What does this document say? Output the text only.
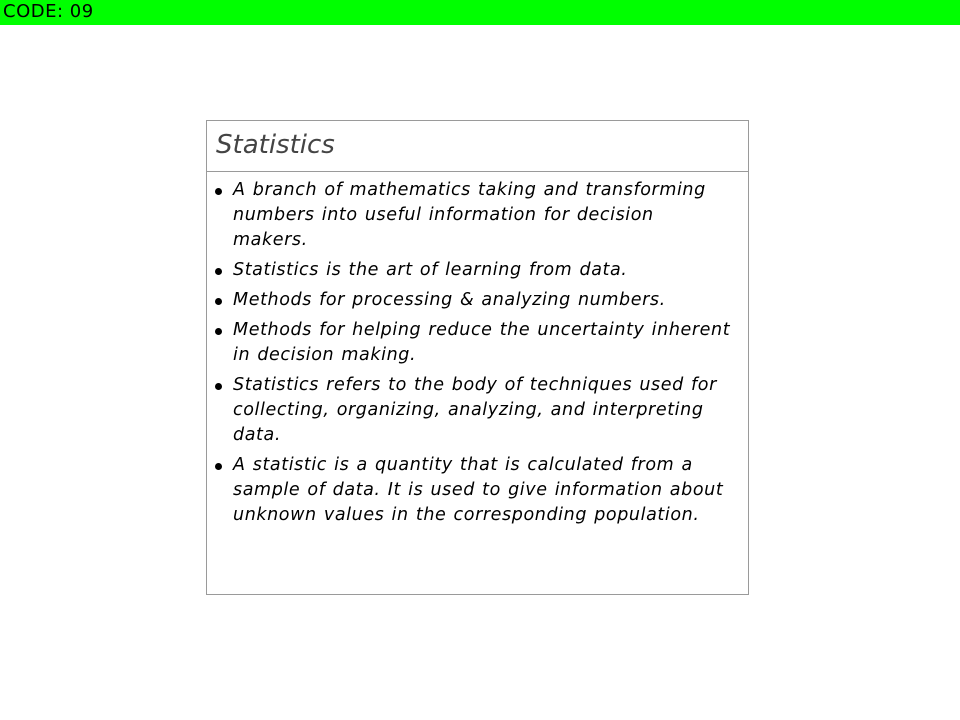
CODE: 09
Statistics
A branch of mathematics taking and transforming numbers into useful information for decision makers.
Statistics is the art of learning from data.
Methods for processing & analyzing numbers.
Methods for helping reduce the uncertainty inherent in decision making.
Statistics refers to the body of techniques used for collecting, organizing, analyzing, and interpreting data.
A statistic is a quantity that is calculated from a sample of data. It is used to give information about unknown values in the corresponding population.
